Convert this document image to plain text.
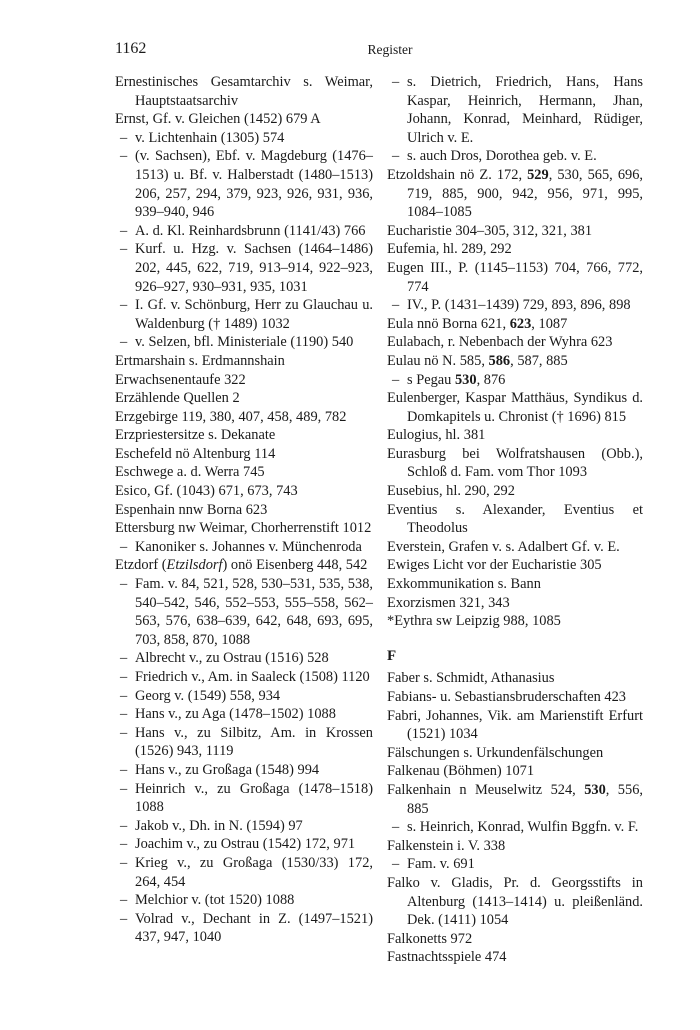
1162	Register

Ernestinisches Gesamtarchiv s. Weimar, Hauptstaatsarchiv

Ernst, Gf. v. Gleichen (1452) 679 A

– v. Lichtenhain (1305) 574

– (v. Sachsen), Ebf. v. Magdeburg (1476–1513) u. Bf. v. Halberstadt (1480–1513) 206, 257, 294, 379, 923, 926, 931, 936, 939–940, 946

– A. d. Kl. Reinhardsbrunn (1141/43) 766

– Kurf. u. Hzg. v. Sachsen (1464–1486) 202, 445, 622, 719, 913–914, 922–923, 926–927, 930–931, 935, 1031

– I. Gf. v. Schönburg, Herr zu Glauchau u. Waldenburg († 1489) 1032

– v. Selzen, bfl. Ministeriale (1190) 540

Ertmarshain s. Erdmannshain

Erwachsenentaufe 322

Erzählende Quellen 2

Erzgebirge 119, 380, 407, 458, 489, 782

Erzpriestersitze s. Dekanate

Eschefeld nö Altenburg 114

Eschwege a. d. Werra 745

Esico, Gf. (1043) 671, 673, 743

Espenhain nnw Borna 623

Ettersburg nw Weimar, Chorherrenstift 1012

– Kanoniker s. Johannes v. Münchenroda

Etzdorf (Etzilsdorf) onö Eisenberg 448, 542

– Fam. v. 84, 521, 528, 530–531, 535, 538, 540–542, 546, 552–553, 555–558, 562–563, 576, 638–639, 642, 648, 693, 695, 703, 858, 870, 1088

– Albrecht v., zu Ostrau (1516) 528

– Friedrich v., Am. in Saaleck (1508) 1120

– Georg v. (1549) 558, 934

– Hans v., zu Aga (1478–1502) 1088

– Hans v., zu Silbitz, Am. in Krossen (1526) 943, 1119

– Hans v., zu Großaga (1548) 994

– Heinrich v., zu Großaga (1478–1518) 1088

– Jakob v., Dh. in N. (1594) 97

– Joachim v., zu Ostrau (1542) 172, 971

– Krieg v., zu Großaga (1530/33) 172, 264, 454

– Melchior v. (tot 1520) 1088

– Volrad v., Dechant in Z. (1497–1521) 437, 947, 1040

– s. Dietrich, Friedrich, Hans, Hans Kaspar, Heinrich, Hermann, Jhan, Johann, Konrad, Meinhard, Rüdiger, Ulrich v. E.

– s. auch Dros, Dorothea geb. v. E.

Etzoldshain nö Z. 172, 529, 530, 565, 696, 719, 885, 900, 942, 956, 971, 995, 1084–1085

Eucharistie 304–305, 312, 321, 381

Eufemia, hl. 289, 292

Eugen III., P. (1145–1153) 704, 766, 772, 774

– IV., P. (1431–1439) 729, 893, 896, 898

Eula nnö Borna 621, 623, 1087

Eulabach, r. Nebenbach der Wyhra 623

Eulau nö N. 585, 586, 587, 885

– s Pegau 530, 876

Eulenberger, Kaspar Matthäus, Syndikus d. Domkapitels u. Chronist († 1696) 815

Eulogius, hl. 381

Eurasburg bei Wolfratshausen (Obb.), Schloß d. Fam. vom Thor 1093

Eusebius, hl. 290, 292

Eventius s. Alexander, Eventius et Theodolus

Everstein, Grafen v. s. Adalbert Gf. v. E.

Ewiges Licht vor der Eucharistie 305

Exkommunikation s. Bann

Exorzismen 321, 343

*Eythra sw Leipzig 988, 1085

F

Faber s. Schmidt, Athanasius

Fabians- u. Sebastiansbruderschaften 423

Fabri, Johannes, Vik. am Marienstift Erfurt (1521) 1034

Fälschungen s. Urkundenfälschungen

Falkenau (Böhmen) 1071

Falkenhain n Meuselwitz 524, 530, 556, 885

– s. Heinrich, Konrad, Wulfin Bggfn. v. F.

Falkenstein i. V. 338

– Fam. v. 691

Falko v. Gladis, Pr. d. Georgsstifts in Altenburg (1413–1414) u. pleißenländ. Dek. (1411) 1054

Falkonetts 972

Fastnachtsspiele 474
